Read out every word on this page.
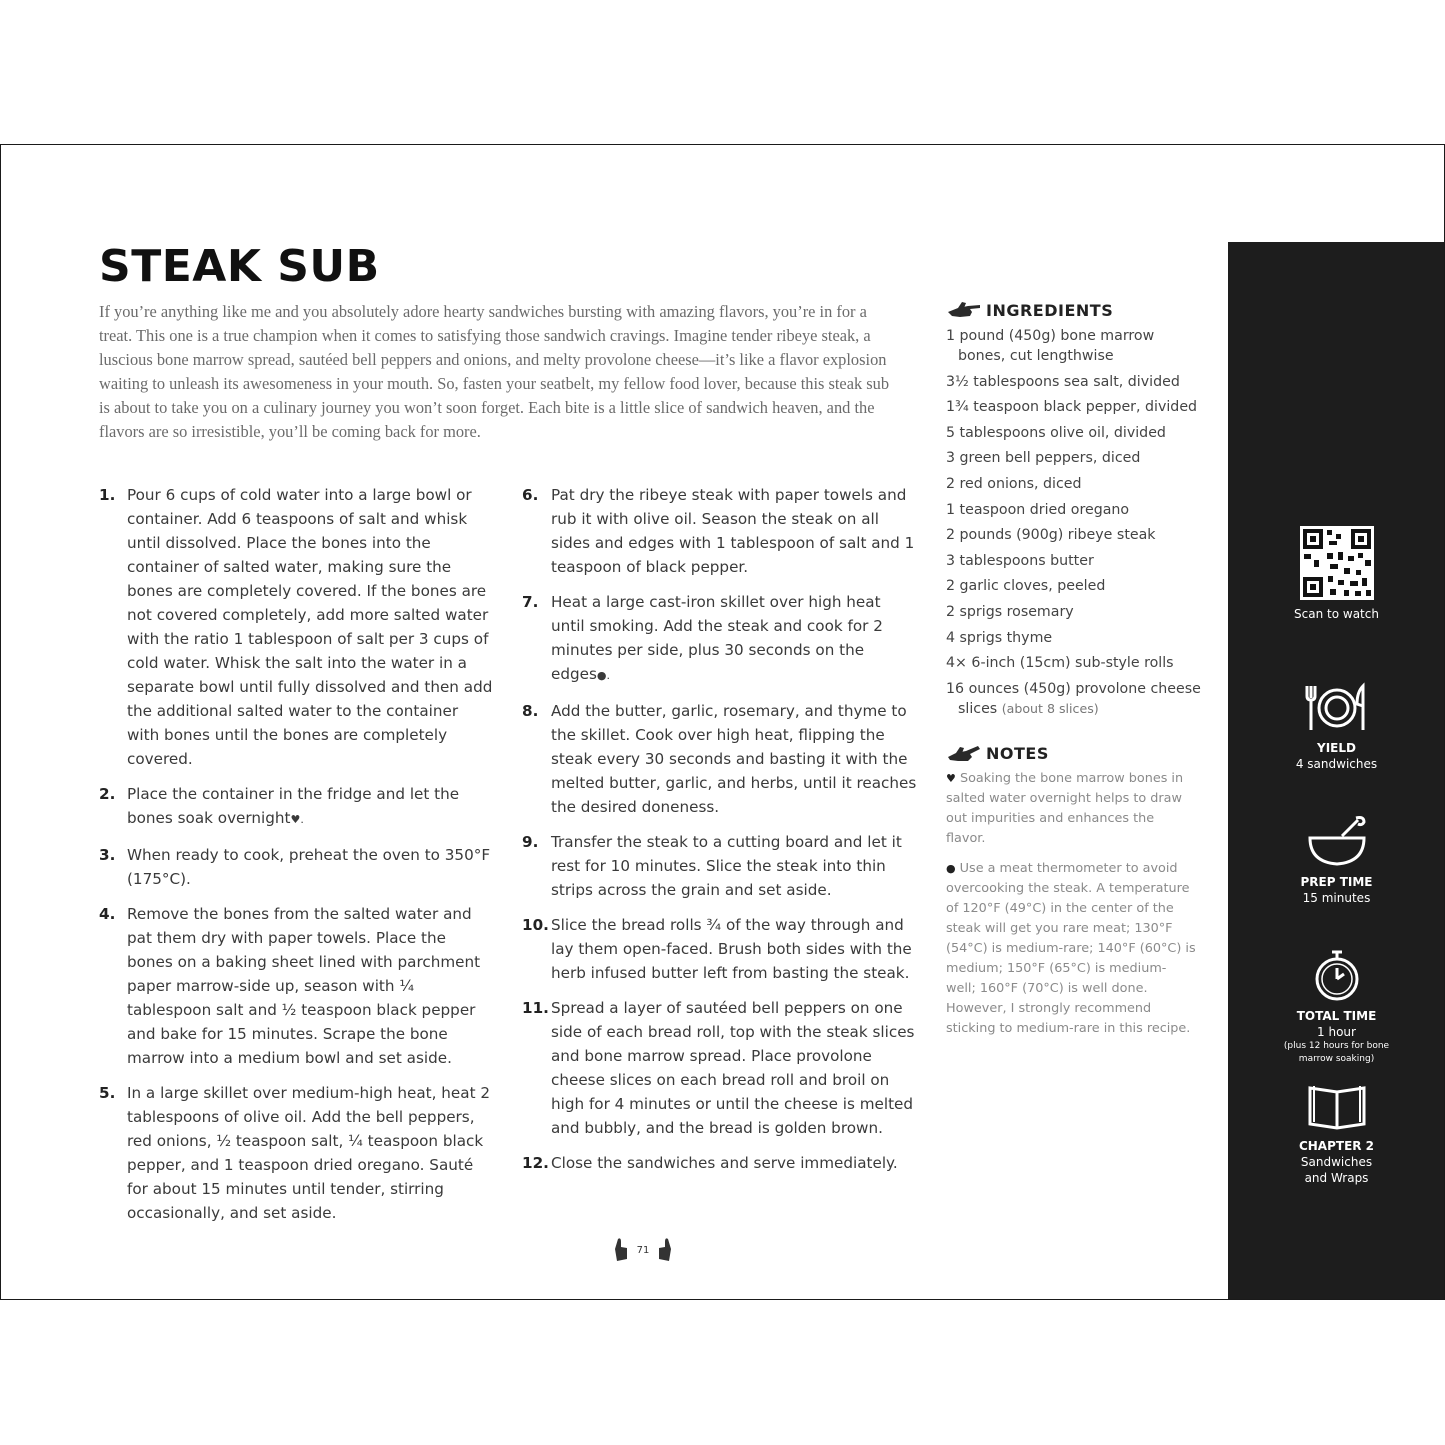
STEAK SUB

If you’re anything like me and you absolutely adore hearty sandwiches bursting with amazing flavors, you’re in for a treat. This one is a true champion when it comes to satisfying those sandwich cravings. Imagine tender ribeye steak, a luscious bone marrow spread, sautéed bell peppers and onions, and melty provolone cheese—it’s like a flavor explosion waiting to unleash its awesomeness in your mouth. So, fasten your seatbelt, my fellow food lover, because this steak sub is about to take you on a culinary journey you won’t soon forget. Each bite is a little slice of sandwich heaven, and the flavors are so irresistible, you’ll be coming back for more.

1. Pour 6 cups of cold water into a large bowl or container. Add 6 teaspoons of salt and whisk until dissolved. Place the bones into the container of salted water, making sure the bones are completely covered. If the bones are not covered completely, add more salted water with the ratio 1 tablespoon of salt per 3 cups of cold water. Whisk the salt into the water in a separate bowl until fully dissolved and then add the additional salted water to the container with bones until the bones are completely covered.
2. Place the container in the fridge and let the bones soak overnight♥.
3. When ready to cook, preheat the oven to 350°F (175°C).
4. Remove the bones from the salted water and pat them dry with paper towels. Place the bones on a baking sheet lined with parchment paper marrow-side up, season with ¼ tablespoon salt and ½ teaspoon black pepper and bake for 15 minutes. Scrape the bone marrow into a medium bowl and set aside.
5. In a large skillet over medium-high heat, heat 2 tablespoons of olive oil. Add the bell peppers, red onions, ½ teaspoon salt, ¼ teaspoon black pepper, and 1 teaspoon dried oregano. Sauté for about 15 minutes until tender, stirring occasionally, and set aside.
6. Pat dry the ribeye steak with paper towels and rub it with olive oil. Season the steak on all sides and edges with 1 tablespoon of salt and 1 teaspoon of black pepper.
7. Heat a large cast-iron skillet over high heat until smoking. Add the steak and cook for 2 minutes per side, plus 30 seconds on the edges●.
8. Add the butter, garlic, rosemary, and thyme to the skillet. Cook over high heat, flipping the steak every 30 seconds and basting it with the melted butter, garlic, and herbs, until it reaches the desired doneness.
9. Transfer the steak to a cutting board and let it rest for 10 minutes. Slice the steak into thin strips across the grain and set aside.
10. Slice the bread rolls ¾ of the way through and lay them open-faced. Brush both sides with the herb infused butter left from basting the steak.
11. Spread a layer of sautéed bell peppers on one side of each bread roll, top with the steak slices and bone marrow spread. Place provolone cheese slices on each bread roll and broil on high for 4 minutes or until the cheese is melted and bubbly, and the bread is golden brown.
12. Close the sandwiches and serve immediately.
INGREDIENTS
1 pound (450g) bone marrow bones, cut lengthwise
3½ tablespoons sea salt, divided
1¾ teaspoon black pepper, divided
5 tablespoons olive oil, divided
3 green bell peppers, diced
2 red onions, diced
1 teaspoon dried oregano
2 pounds (900g) ribeye steak
3 tablespoons butter
2 garlic cloves, peeled
2 sprigs rosemary
4 sprigs thyme
4× 6-inch (15cm) sub-style rolls
16 ounces (450g) provolone cheese slices (about 8 slices)
NOTES

♥ Soaking the bone marrow bones in salted water overnight helps to draw out impurities and enhances the flavor.

● Use a meat thermometer to avoid overcooking the steak. A temperature of 120°F (49°C) in the center of the steak will get you rare meat; 130°F (54°C) is medium-rare; 140°F (60°C) is medium; 150°F (65°C) is medium-well; 160°F (70°C) is well done. However, I strongly recommend sticking to medium-rare in this recipe.

Scan to watch
YIELD
4 sandwiches
PREP TIME
15 minutes
TOTAL TIME
1 hour
(plus 12 hours for bone marrow soaking)
CHAPTER 2
Sandwiches
and Wraps
71
